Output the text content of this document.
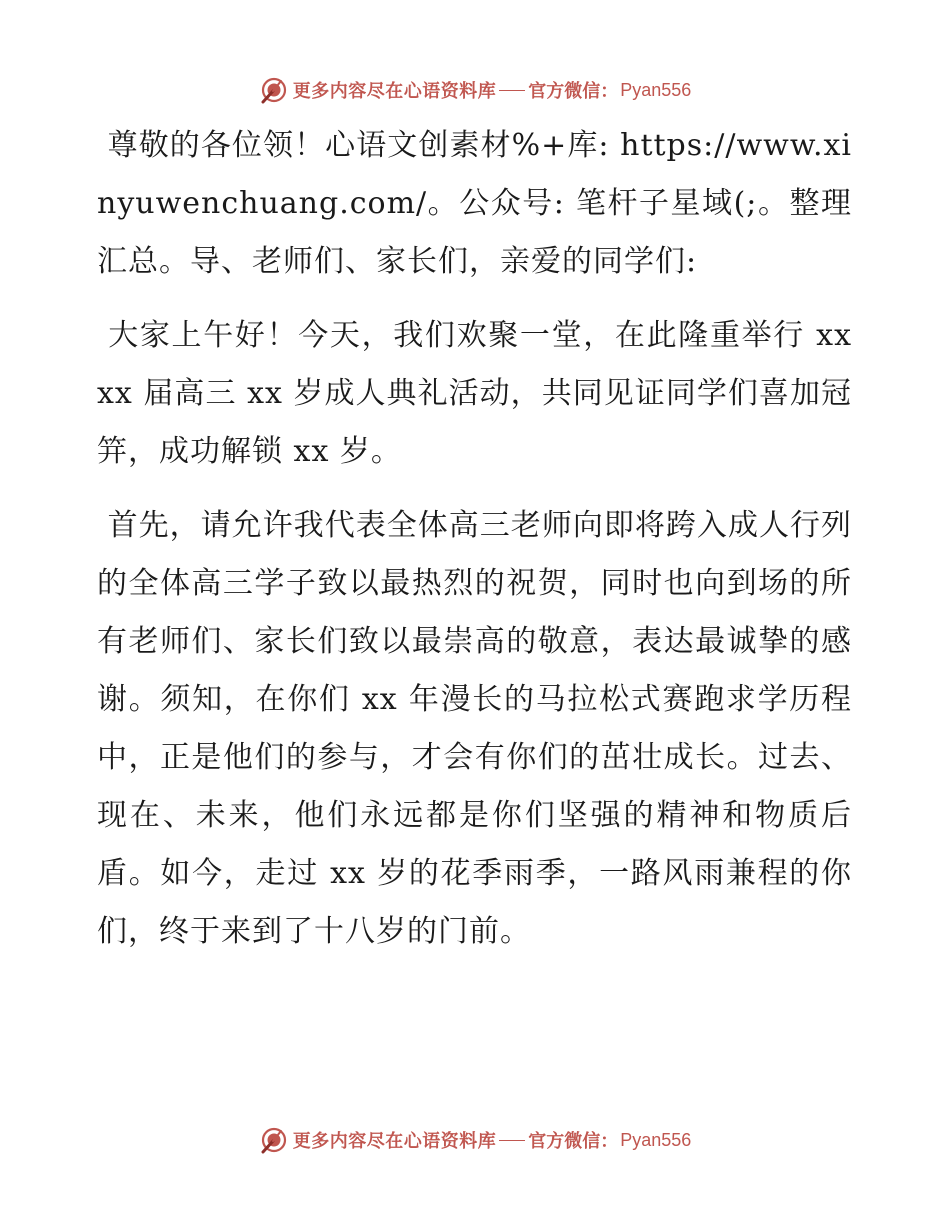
更多内容尽在心语资料库 官方微信： Pyan556

尊敬的各位领！心语文创素材%+库: https://www.xinyuwenchuang.com/。公众号: 笔杆子星域(;。整理汇总。导、老师们、家长们，亲爱的同学们:

大家上午好！今天，我们欢聚一堂，在此隆重举行 xxxx 届高三 xx 岁成人典礼活动，共同见证同学们喜加冠笄，成功解锁 xx 岁。

首先，请允许我代表全体高三老师向即将跨入成人行列的全体高三学子致以最热烈的祝贺，同时也向到场的所有老师们、家长们致以最崇高的敬意，表达最诚挚的感谢。须知，在你们 xx 年漫长的马拉松式赛跑求学历程中，正是他们的参与，才会有你们的茁壮成长。过去、现在、未来，他们永远都是你们坚强的精神和物质后盾。如今，走过 xx 岁的花季雨季，一路风雨兼程的你们，终于来到了十八岁的门前。

更多内容尽在心语资料库 官方微信： Pyan556
